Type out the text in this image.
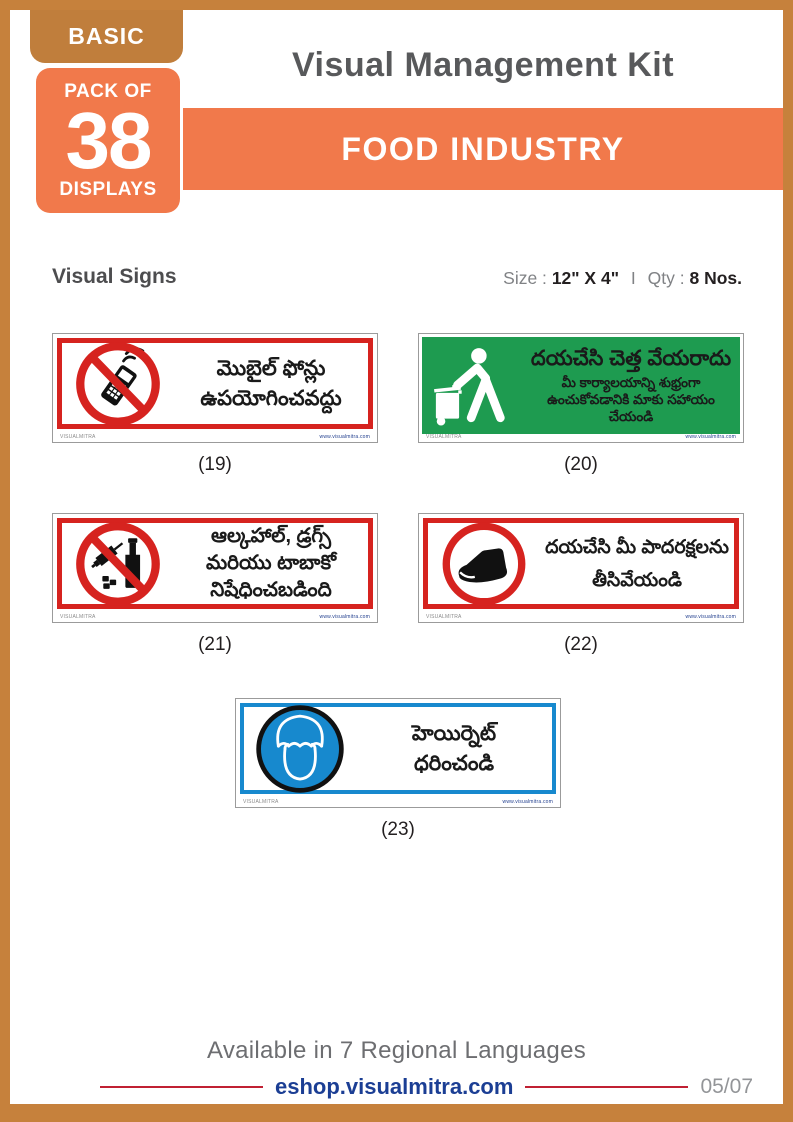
BASIC
PACK OF
38
DISPLAYS
Visual Management Kit
FOOD INDUSTRY
Visual Signs	Size : 12" X 4" I Qty : 8 Nos.
మొబైల్ ఫోన్లు
ఉపయోగించవద్దు
VISUALMITRA	www.visualmitra.com
(19)
దయచేసి చెత్త వేయరాదు
మీ కార్యాలయాన్ని శుభ్రంగా
ఉంచుకోవడానికి మాకు సహాయం
చేయండి
VISUALMITRA	www.visualmitra.com
(20)
ఆల్కహాల్, డ్రగ్స్
మరియు టాబాకో
నిషేధించబడింది
VISUALMITRA	www.visualmitra.com
(21)
దయచేసి మీ పాదరక్షలను
తీసివేయండి
VISUALMITRA	www.visualmitra.com
(22)
హెయిర్నెట్
ధరించండి
VISUALMITRA	www.visualmitra.com
(23)
Available in 7 Regional Languages
eshop.visualmitra.com	05/07
